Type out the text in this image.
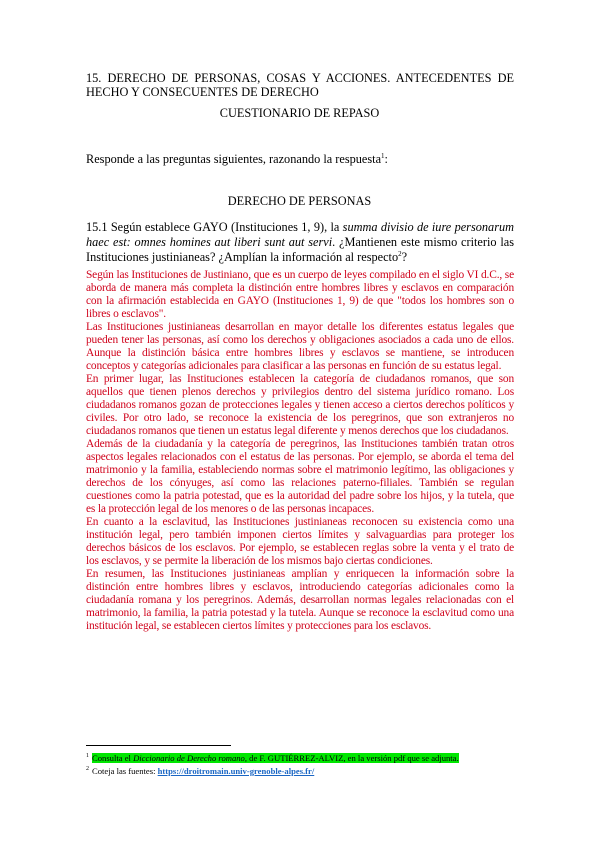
15. DERECHO DE PERSONAS, COSAS Y ACCIONES. ANTECEDENTES DE HECHO Y CONSECUENTES DE DERECHO
CUESTIONARIO DE REPASO

Responde a las preguntas siguientes, razonando la respuesta$^1$:

DERECHO DE PERSONAS

15.1 Según establece GAYO (Instituciones 1, 9), la summa divisio de iure personarum haec est: omnes homines aut liberi sunt aut servi. ¿Mantienen este mismo criterio las Instituciones justinianeas? ¿Amplían la información al respecto$^2$?

Según las Instituciones de Justiniano, que es un cuerpo de leyes compilado en el siglo VI d.C., se aborda de manera más completa la distinción entre hombres libres y esclavos en comparación con la afirmación establecida en GAYO (Instituciones 1, 9) de que "todos los hombres son o libres o esclavos".

Las Instituciones justinianeas desarrollan en mayor detalle los diferentes estatus legales que pueden tener las personas, así como los derechos y obligaciones asociados a cada uno de ellos. Aunque la distinción básica entre hombres libres y esclavos se mantiene, se introducen conceptos y categorías adicionales para clasificar a las personas en función de su estatus legal.

En primer lugar, las Instituciones establecen la categoría de ciudadanos romanos, que son aquellos que tienen plenos derechos y privilegios dentro del sistema jurídico romano. Los ciudadanos romanos gozan de protecciones legales y tienen acceso a ciertos derechos políticos y civiles. Por otro lado, se reconoce la existencia de los peregrinos, que son extranjeros no ciudadanos romanos que tienen un estatus legal diferente y menos derechos que los ciudadanos.

Además de la ciudadanía y la categoría de peregrinos, las Instituciones también tratan otros aspectos legales relacionados con el estatus de las personas. Por ejemplo, se aborda el tema del matrimonio y la familia, estableciendo normas sobre el matrimonio legítimo, las obligaciones y derechos de los cónyuges, así como las relaciones paterno-filiales. También se regulan cuestiones como la patria potestad, que es la autoridad del padre sobre los hijos, y la tutela, que es la protección legal de los menores o de las personas incapaces.

En cuanto a la esclavitud, las Instituciones justinianeas reconocen su existencia como una institución legal, pero también imponen ciertos límites y salvaguardias para proteger los derechos básicos de los esclavos. Por ejemplo, se establecen reglas sobre la venta y el trato de los esclavos, y se permite la liberación de los mismos bajo ciertas condiciones.

En resumen, las Instituciones justinianeas amplían y enriquecen la información sobre la distinción entre hombres libres y esclavos, introduciendo categorías adicionales como la ciudadanía romana y los peregrinos. Además, desarrollan normas legales relacionadas con el matrimonio, la familia, la patria potestad y la tutela. Aunque se reconoce la esclavitud como una institución legal, se establecen ciertos límites y protecciones para los esclavos.

$^1$ Consulta el Diccionario de Derecho romano, de F. GUTIÉRREZ-ALVIZ, en la versión pdf que se adjunta.

$^2$ Coteja las fuentes: https://droitromain.univ-grenoble-alpes.fr/
